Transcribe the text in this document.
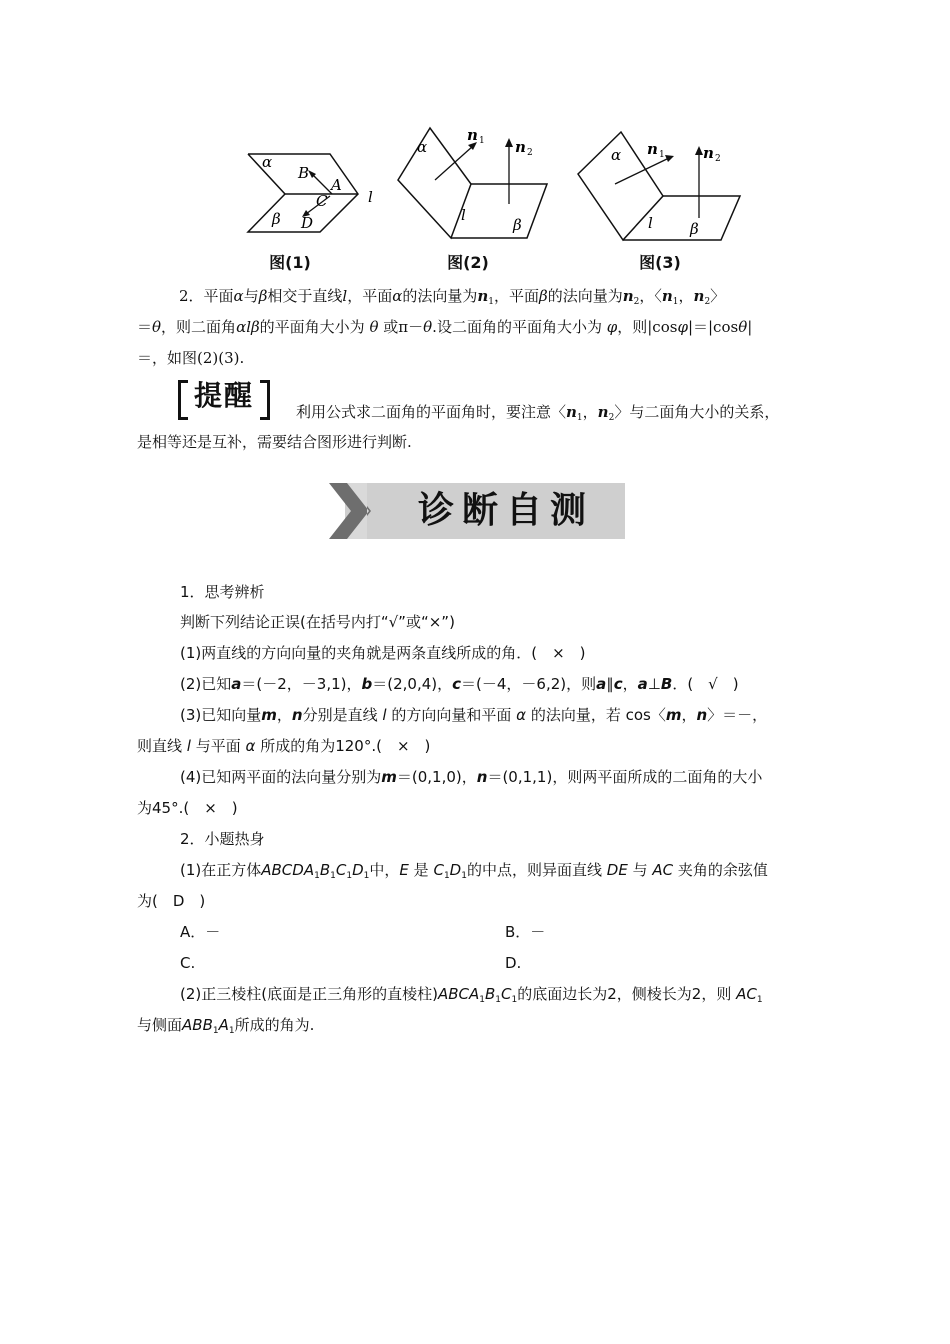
α
B
A
C
D
β
l
图(1)
α
n 1 n 2
l
β
图(2)
α n 1	n 2
l β
图(3)
2．平面α与β相交于直线l，平面α的法向量为$n_1$，平面β的法向量为$n_2$，〈$n_1$，$n_2$〉
＝θ，则二面角αlβ的平面角大小为 θ 或π－θ.设二面角的平面角大小为 φ，则|cosφ|＝|cosθ|
＝，如图(2)(3).
提醒	利用公式求二面角的平面角时，要注意〈$n_1$，$n_2$〉与二面角大小的关系，
是相等还是互补，需要结合图形进行判断.
诊断自测
1．思考辨析
判断下列结论正误(在括号内打“√”或“×”)
(1)两直线的方向向量的夹角就是两条直线所成的角．(　×　)
(2)已知a＝(－2，－3,1)，b＝(2,0,4)，c＝(－4，－6,2)，则a∥c，a⊥B．(　√　)
(3)已知向量m，n分别是直线 l 的方向向量和平面 α 的法向量，若 cos〈m，n〉＝－，
则直线 l 与平面 α 所成的角为120°.(　×　)
(4)已知两平面的法向量分别为m＝(0,1,0)，n＝(0,1,1)，则两平面所成的二面角的大小
为45°.(　×　)
2．小题热身
(1)在正方体$ABCDA_1B_1C_1D_1$中，E 是 $C_1D_1$的中点，则异面直线 DE 与 AC 夹角的余弦值
为(　D　)
A．－	B．－
C.	D.
(2)正三棱柱(底面是正三角形的直棱柱)$ABCA_1B_1C_1$的底面边长为2，侧棱长为2，则 $AC_1$
与侧面$ABB_1A_1$所成的角为.
